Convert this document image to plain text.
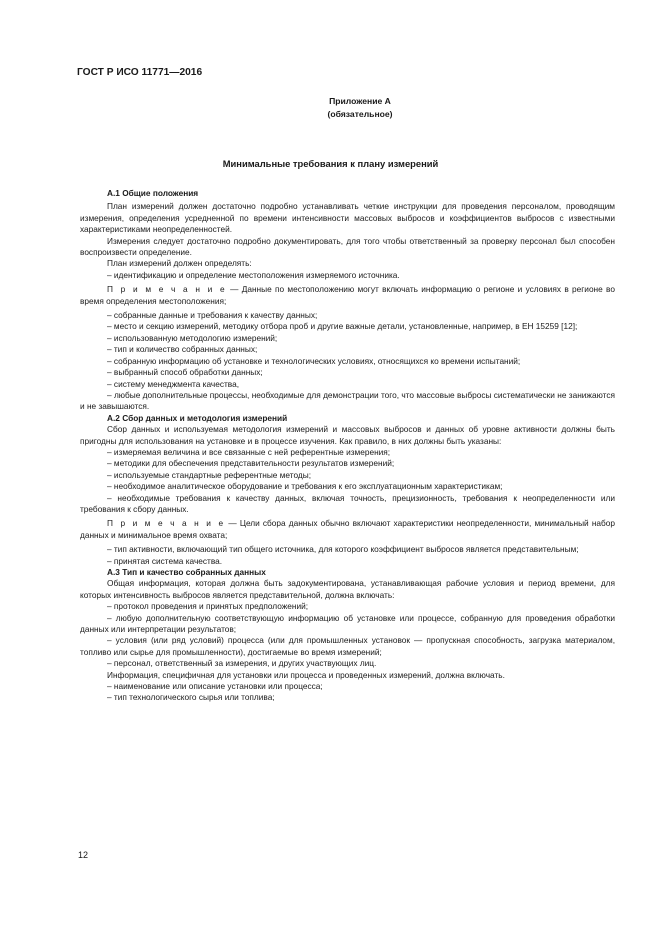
ГОСТ Р ИСО 11771—2016
Приложение А
(обязательное)
Минимальные требования к плану измерений

А.1 Общие положения

План измерений должен достаточно подробно устанавливать четкие инструкции для проведения персоналом, проводящим измерения, определения усредненной по времени интенсивности массовых выбросов и коэффициентов выбросов с известными характеристиками неопределенностей.

Измерения следует достаточно подробно документировать, для того чтобы ответственный за проверку персонал был способен воспроизвести определение.

План измерений должен определять:

– идентификацию и определение местоположения измеряемого источника.

П р и м е ч а н и е — Данные по местоположению могут включать информацию о регионе и условиях в регионе во время определения местоположения;

– собранные данные и требования к качеству данных;

– место и секцию измерений, методику отбора проб и другие важные детали, установленные, например, в ЕН 15259 [12];

– использованную методологию измерений;

– тип и количество собранных данных;

– собранную информацию об установке и технологических условиях, относящихся ко времени испытаний;

– выбранный способ обработки данных;

– систему менеджмента качества,

– любые дополнительные процессы, необходимые для демонстрации того, что массовые выбросы систематически не занижаются и не завышаются.

А.2 Сбор данных и методология измерений

Сбор данных и используемая методология измерений и массовых выбросов и данных об уровне активности должны быть пригодны для использования на установке и в процессе изучения. Как правило, в них должны быть указаны:

– измеряемая величина и все связанные с ней референтные измерения;

– методики для обеспечения представительности результатов измерений;

– используемые стандартные референтные методы;

– необходимое аналитическое оборудование и требования к его эксплуатационным характеристикам;

– необходимые требования к качеству данных, включая точность, прецизионность, требования к неопределенности или требования к сбору данных.

П р и м е ч а н и е — Цели сбора данных обычно включают характеристики неопределенности, минимальный набор данных и минимальное время охвата;

– тип активности, включающий тип общего источника, для которого коэффициент выбросов является представительным;

– принятая система качества.

А.3 Тип и качество собранных данных

Общая информация, которая должна быть задокументирована, устанавливающая рабочие условия и период времени, для которых интенсивность выбросов является представительной, должна включать:

– протокол проведения и принятых предположений;

– любую дополнительную соответствующую информацию об установке или процессе, собранную для проведения обработки данных или интерпретации результатов;

– условия (или ряд условий) процесса (или для промышленных установок — пропускная способность, загрузка материалом, топливо или сырье для промышленности), достигаемые во время измерений;

– персонал, ответственный за измерения, и других участвующих лиц.

Информация, специфичная для установки или процесса и проведенных измерений, должна включать.

– наименование или описание установки или процесса;

– тип технологического сырья или топлива;

12
